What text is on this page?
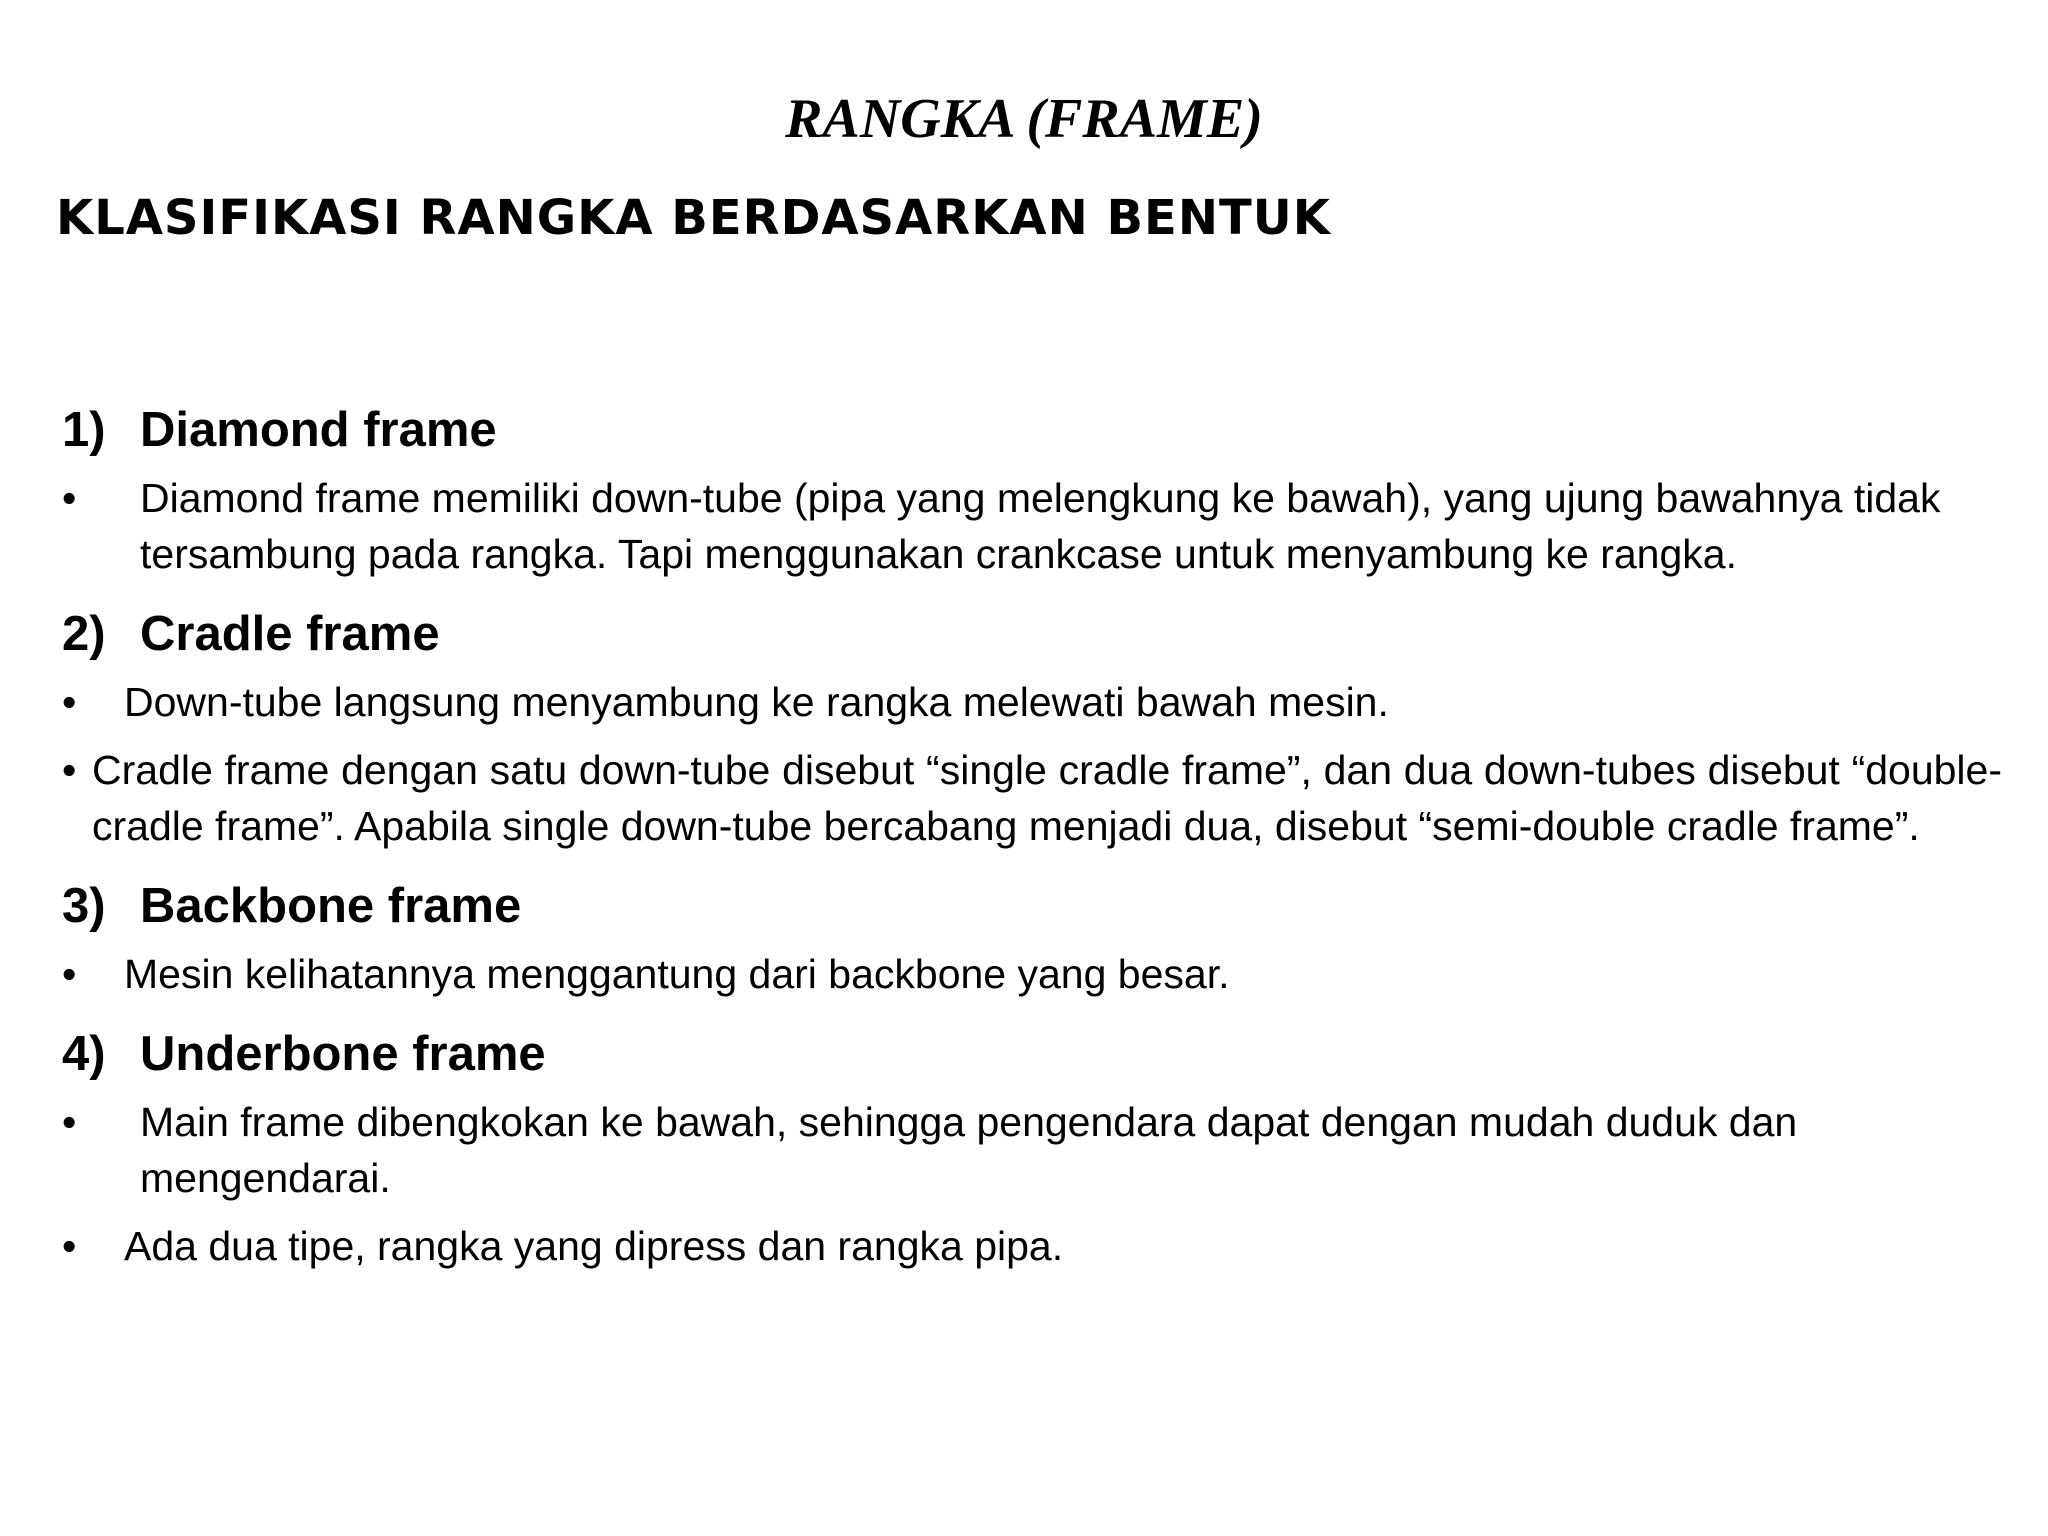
RANGKA (FRAME)
KLASIFIKASI RANGKA BERDASARKAN BENTUK
1) Diamond frame
• Diamond frame memiliki down-tube (pipa yang melengkung ke bawah), yang ujung bawahnya tidak tersambung pada rangka. Tapi menggunakan crankcase untuk menyambung ke rangka.
2) Cradle frame
• Down-tube langsung menyambung ke rangka melewati bawah mesin.
• Cradle frame dengan satu down-tube disebut “single cradle frame”, dan dua down-tubes disebut “double-cradle frame”. Apabila single down-tube bercabang menjadi dua, disebut “semi-double cradle frame”.
3) Backbone frame
• Mesin kelihatannya menggantung dari backbone yang besar.
4) Underbone frame
• Main frame dibengkokan ke bawah, sehingga pengendara dapat dengan mudah duduk dan mengendarai.
• Ada dua tipe, rangka yang dipress dan rangka pipa.
